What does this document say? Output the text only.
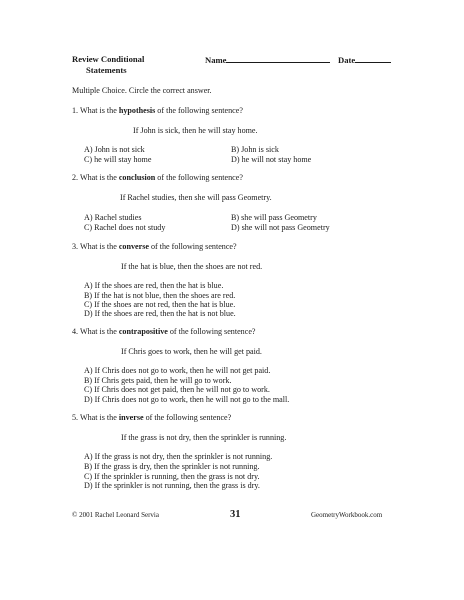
Review Conditional
Statements
Name	Date
Multiple Choice. Circle the correct answer.
1. What is the hypothesis of the following sentence?
If John is sick, then he will stay home.
A) John is not sick	B) John is sick
C) he will stay home	D) he will not stay home
2. What is the conclusion of the following sentence?
If Rachel studies, then she will pass Geometry.
A) Rachel studies	B) she will pass Geometry
C) Rachel does not study	D) she will not pass Geometry
3. What is the converse of the following sentence?
If the hat is blue, then the shoes are not red.
A) If the shoes are red, then the hat is blue.
B) If the hat is not blue, then the shoes are red.
C) If the shoes are not red, then the hat is blue.
D) If the shoes are red, then the hat is not blue.
4. What is the contrapositive of the following sentence?
If Chris goes to work, then he will get paid.
A) If Chris does not go to work, then he will not get paid.
B) If Chris gets paid, then he will go to work.
C) If Chris does not get paid, then he will not go to work.
D) If Chris does not go to work, then he will not go to the mall.
5. What is the inverse of the following sentence?
If the grass is not dry, then the sprinkler is running.
A) If the grass is not dry, then the sprinkler is not running.
B) If the grass is dry, then the sprinkler is not running.
C) If the sprinkler is running, then the grass is not dry.
D) If the sprinkler is not running, then the grass is dry.
© 2001 Rachel Leonard Servia	31	GeometryWorkbook.com
